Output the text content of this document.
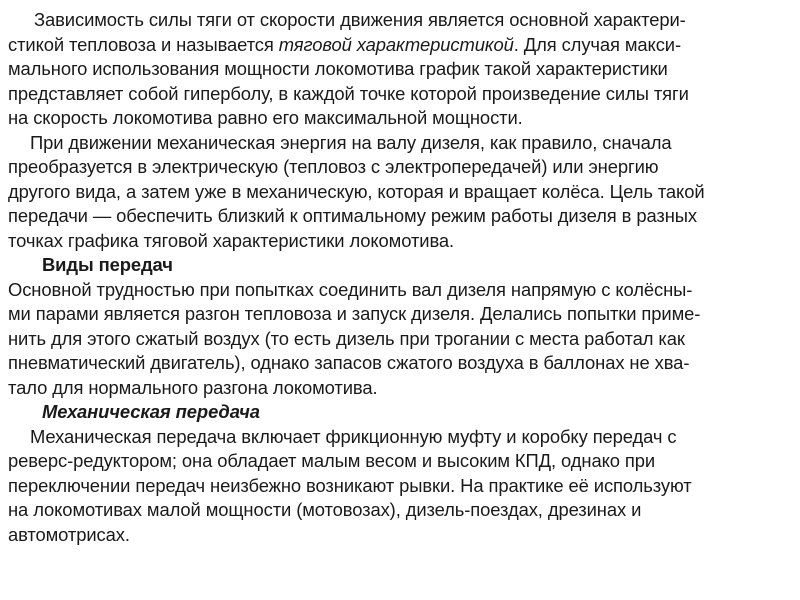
Зависимость силы тяги от скорости движения является основной характери-
стикой тепловоза и называется тяговой характеристикой. Для случая макси-
мального использования мощности локомотива график такой характеристики
представляет собой гиперболу, в каждой точке которой произведение силы тяги
на скорость локомотива равно его максимальной мощности.
При движении механическая энергия на валу дизеля, как правило, сначала
преобразуется в электрическую (тепловоз с электропередачей) или энергию
другого вида, а затем уже в механическую, которая и вращает колёса. Цель такой
передачи — обеспечить близкий к оптимальному режим работы дизеля в разных
точках графика тяговой характеристики локомотива.
Виды передач
Основной трудностью при попытках соединить вал дизеля напрямую с колёсны-
ми парами является разгон тепловоза и запуск дизеля. Делались попытки приме-
нить для этого сжатый воздух (то есть дизель при трогании с места работал как
пневматический двигатель), однако запасов сжатого воздуха в баллонах не хва-
тало для нормального разгона локомотива.
Механическая передача
Механическая передача включает фрикционную муфту и коробку передач с
реверс-редуктором; она обладает малым весом и высоким КПД, однако при
переключении передач неизбежно возникают рывки. На практике её используют
на локомотивах малой мощности (мотовозах), дизель-поездах, дрезинах и
автомотрисах.
